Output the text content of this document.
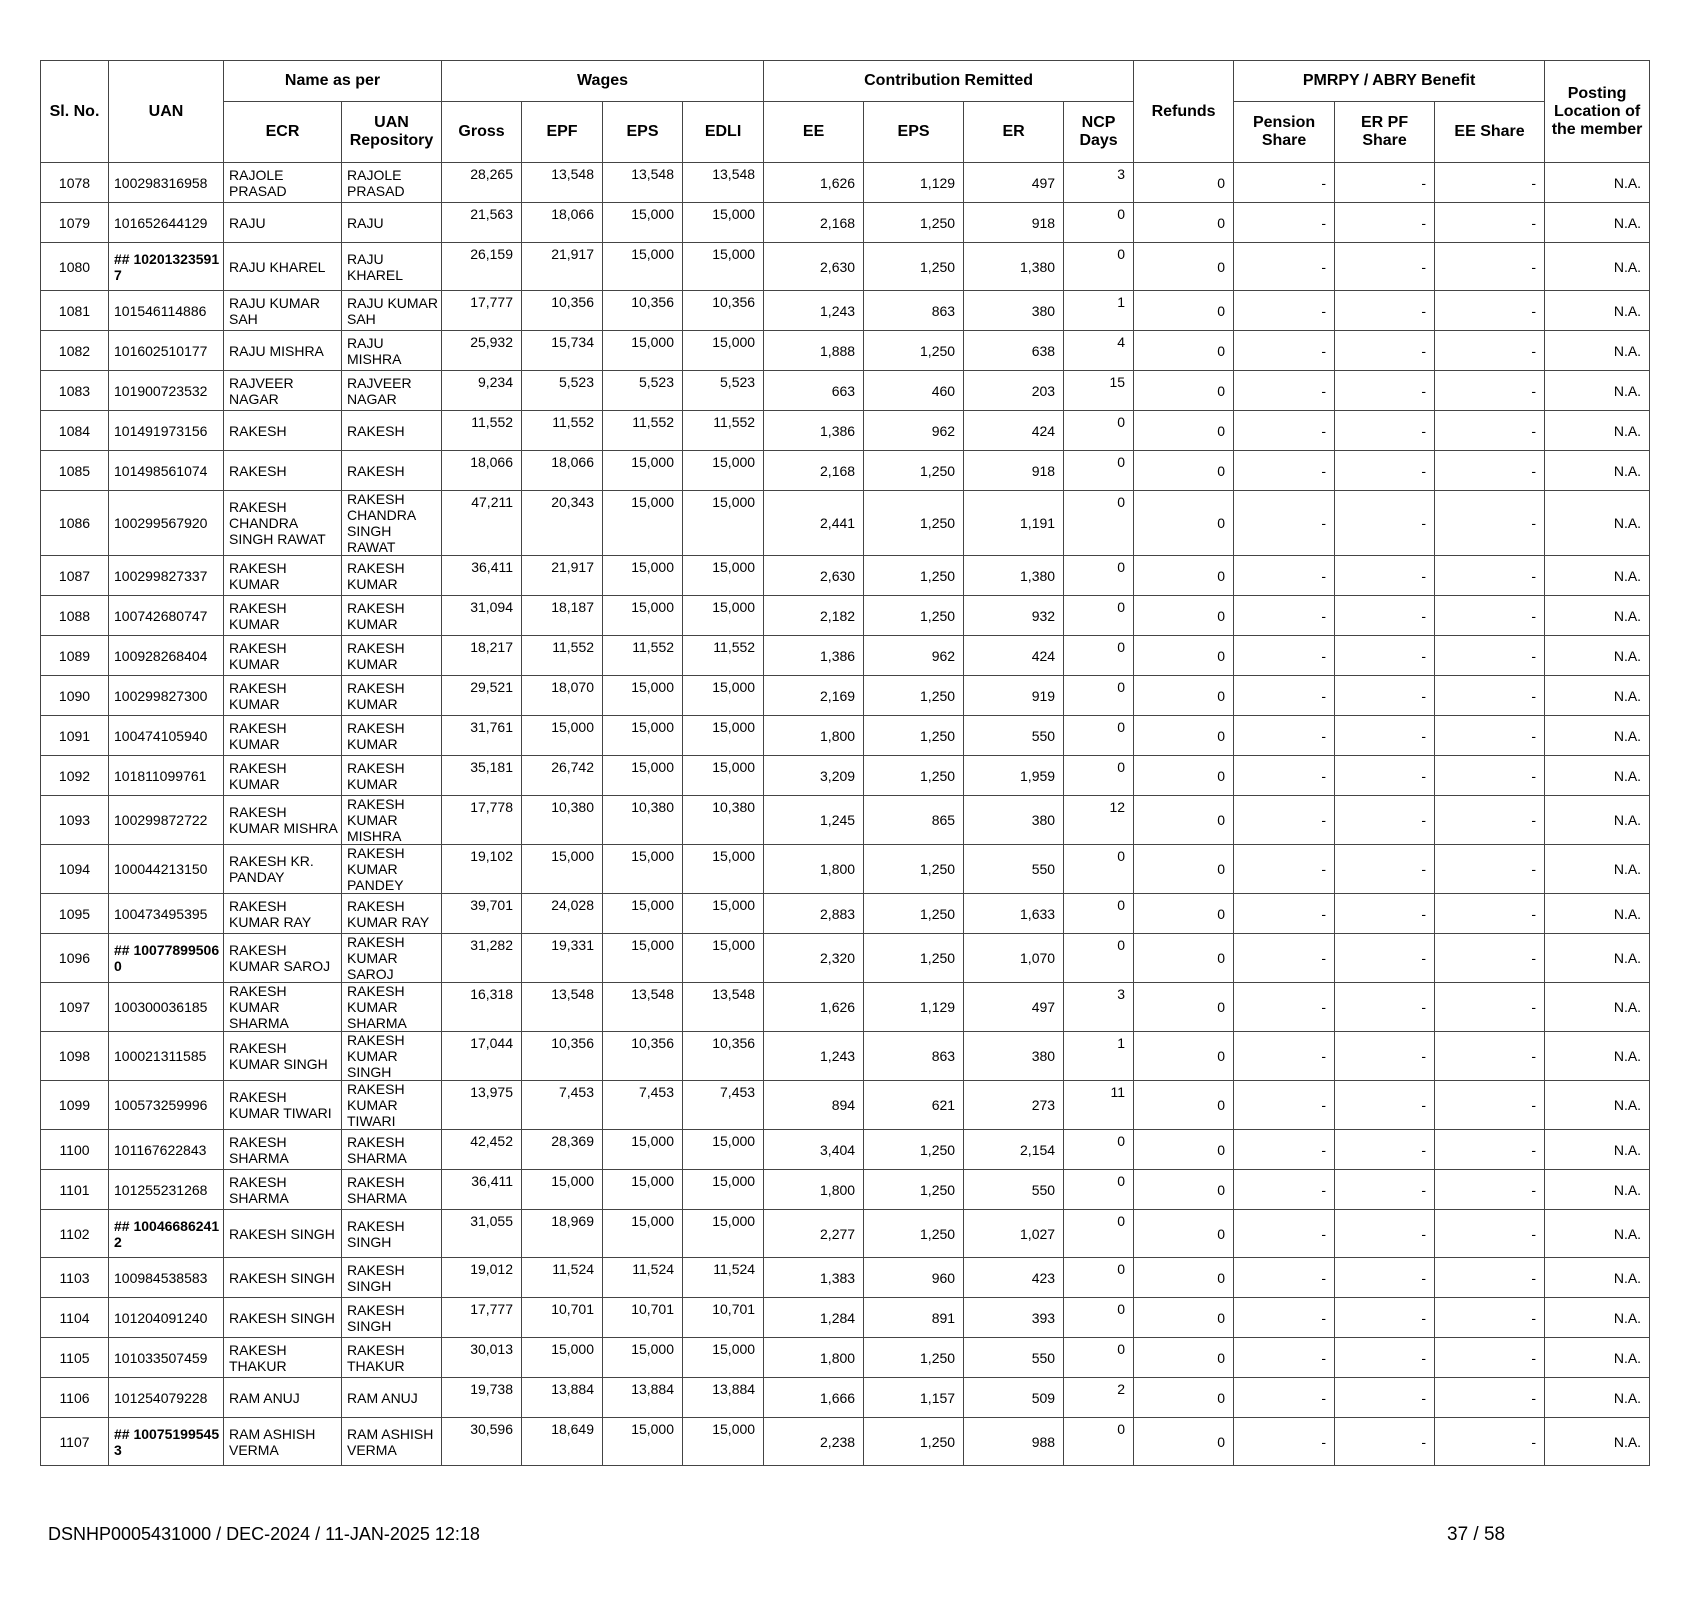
Sl. No.	UAN	Name as per		Wages				Contribution Remitted				Refunds	PMRPY / ABRY Benefit			Posting Location of the member
		ECR	UAN Repository	Gross	EPF	EPS	EDLI	EE	EPS	ER	NCP Days		Pension Share	ER PF Share	EE Share	
1078	100298316958	RAJOLE PRASAD	RAJOLE PRASAD	28,265	13,548	13,548	13,548	1,626	1,129	497	3	0	-	-	-	N.A.
1079	101652644129	RAJU	RAJU	21,563	18,066	15,000	15,000	2,168	1,250	918	0	0	-	-	-	N.A.
1080	## 10201323591 7	RAJU KHAREL	RAJU KHAREL	26,159	21,917	15,000	15,000	2,630	1,250	1,380	0	0	-	-	-	N.A.
1081	101546114886	RAJU KUMAR SAH	RAJU KUMAR SAH	17,777	10,356	10,356	10,356	1,243	863	380	1	0	-	-	-	N.A.
1082	101602510177	RAJU MISHRA	RAJU MISHRA	25,932	15,734	15,000	15,000	1,888	1,250	638	4	0	-	-	-	N.A.
1083	101900723532	RAJVEER NAGAR	RAJVEER NAGAR	9,234	5,523	5,523	5,523	663	460	203	15	0	-	-	-	N.A.
1084	101491973156	RAKESH	RAKESH	11,552	11,552	11,552	11,552	1,386	962	424	0	0	-	-	-	N.A.
1085	101498561074	RAKESH	RAKESH	18,066	18,066	15,000	15,000	2,168	1,250	918	0	0	-	-	-	N.A.
1086	100299567920	RAKESH CHANDRA SINGH RAWAT	RAKESH CHANDRA SINGH RAWAT	47,211	20,343	15,000	15,000	2,441	1,250	1,191	0	0	-	-	-	N.A.
1087	100299827337	RAKESH KUMAR	RAKESH KUMAR	36,411	21,917	15,000	15,000	2,630	1,250	1,380	0	0	-	-	-	N.A.
1088	100742680747	RAKESH KUMAR	RAKESH KUMAR	31,094	18,187	15,000	15,000	2,182	1,250	932	0	0	-	-	-	N.A.
1089	100928268404	RAKESH KUMAR	RAKESH KUMAR	18,217	11,552	11,552	11,552	1,386	962	424	0	0	-	-	-	N.A.
1090	100299827300	RAKESH KUMAR	RAKESH KUMAR	29,521	18,070	15,000	15,000	2,169	1,250	919	0	0	-	-	-	N.A.
1091	100474105940	RAKESH KUMAR	RAKESH KUMAR	31,761	15,000	15,000	15,000	1,800	1,250	550	0	0	-	-	-	N.A.
1092	101811099761	RAKESH KUMAR	RAKESH KUMAR	35,181	26,742	15,000	15,000	3,209	1,250	1,959	0	0	-	-	-	N.A.
1093	100299872722	RAKESH KUMAR MISHRA	RAKESH KUMAR MISHRA	17,778	10,380	10,380	10,380	1,245	865	380	12	0	-	-	-	N.A.
1094	100044213150	RAKESH KR. PANDAY	RAKESH KUMAR PANDEY	19,102	15,000	15,000	15,000	1,800	1,250	550	0	0	-	-	-	N.A.
1095	100473495395	RAKESH KUMAR RAY	RAKESH KUMAR RAY	39,701	24,028	15,000	15,000	2,883	1,250	1,633	0	0	-	-	-	N.A.
1096	## 10077899506 0	RAKESH KUMAR SAROJ	RAKESH KUMAR SAROJ	31,282	19,331	15,000	15,000	2,320	1,250	1,070	0	0	-	-	-	N.A.
1097	100300036185	RAKESH KUMAR SHARMA	RAKESH KUMAR SHARMA	16,318	13,548	13,548	13,548	1,626	1,129	497	3	0	-	-	-	N.A.
1098	100021311585	RAKESH KUMAR SINGH	RAKESH KUMAR SINGH	17,044	10,356	10,356	10,356	1,243	863	380	1	0	-	-	-	N.A.
1099	100573259996	RAKESH KUMAR TIWARI	RAKESH KUMAR TIWARI	13,975	7,453	7,453	7,453	894	621	273	11	0	-	-	-	N.A.
1100	101167622843	RAKESH SHARMA	RAKESH SHARMA	42,452	28,369	15,000	15,000	3,404	1,250	2,154	0	0	-	-	-	N.A.
1101	101255231268	RAKESH SHARMA	RAKESH SHARMA	36,411	15,000	15,000	15,000	1,800	1,250	550	0	0	-	-	-	N.A.
1102	## 10046686241 2	RAKESH SINGH	RAKESH SINGH	31,055	18,969	15,000	15,000	2,277	1,250	1,027	0	0	-	-	-	N.A.
1103	100984538583	RAKESH SINGH	RAKESH SINGH	19,012	11,524	11,524	11,524	1,383	960	423	0	0	-	-	-	N.A.
1104	101204091240	RAKESH SINGH	RAKESH SINGH	17,777	10,701	10,701	10,701	1,284	891	393	0	0	-	-	-	N.A.
1105	101033507459	RAKESH THAKUR	RAKESH THAKUR	30,013	15,000	15,000	15,000	1,800	1,250	550	0	0	-	-	-	N.A.
1106	101254079228	RAM ANUJ	RAM ANUJ	19,738	13,884	13,884	13,884	1,666	1,157	509	2	0	-	-	-	N.A.
1107	## 10075199545 3	RAM ASHISH VERMA	RAM ASHISH VERMA	30,596	18,649	15,000	15,000	2,238	1,250	988	0	0	-	-	-	N.A.
DSNHP0005431000 / DEC-2024 / 11-JAN-2025 12:18	37 / 58
